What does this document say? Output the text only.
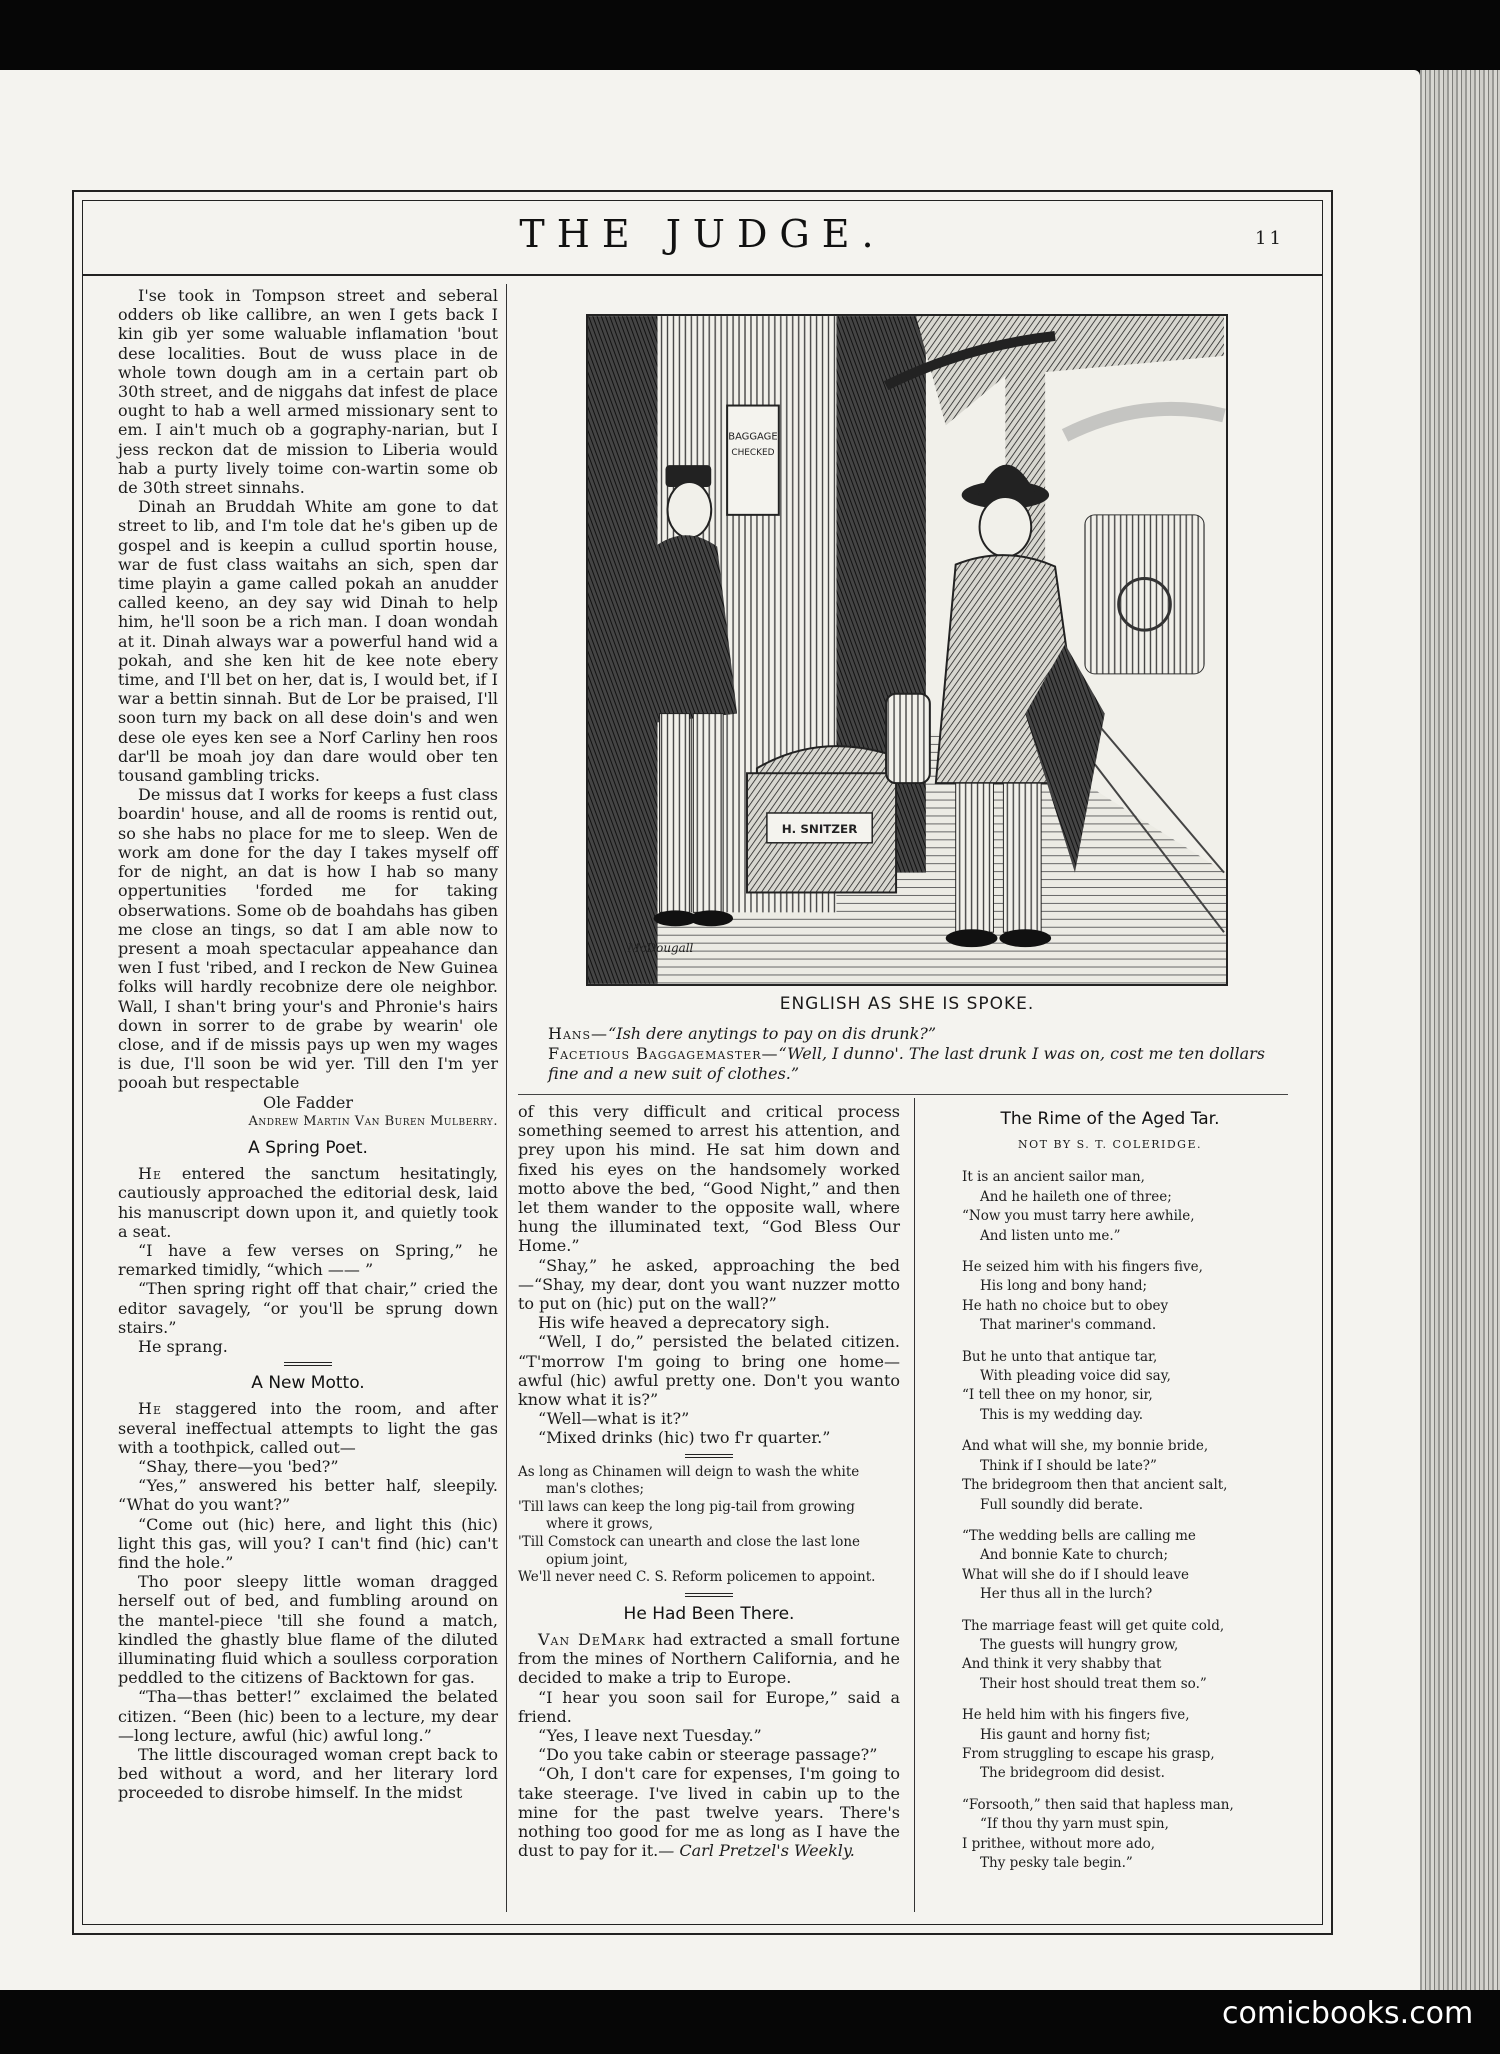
THE JUDGE.	11

I'se took in Tompson street and seberal odders ob like callibre, an wen I gets back I kin gib yer some waluable inflamation 'bout dese localities. Bout de wuss place in de whole town dough am in a certain part ob 30th street, and de niggahs dat infest de place ought to hab a well armed missionary sent to em. I ain't much ob a gography-narian, but I jess reckon dat de mission to Liberia would hab a purty lively toime con-wartin some ob de 30th street sinnahs.

Dinah an Bruddah White am gone to dat street to lib, and I'm tole dat he's giben up de gospel and is keepin a cullud sportin house, war de fust class waitahs an sich, spen dar time playin a game called pokah an anudder called keeno, an dey say wid Dinah to help him, he'll soon be a rich man. I doan wondah at it. Dinah always war a powerful hand wid a pokah, and she ken hit de kee note ebery time, and I'll bet on her, dat is, I would bet, if I war a bettin sinnah. But de Lor be praised, I'll soon turn my back on all dese doin's and wen dese ole eyes ken see a Norf Carliny hen roos dar'll be moah joy dan dare would ober ten tousand gambling tricks.

De missus dat I works for keeps a fust class boardin' house, and all de rooms is rentid out, so she habs no place for me to sleep. Wen de work am done for the day I takes myself off for de night, an dat is how I hab so many oppertunities 'forded me for taking obserwations. Some ob de boahdahs has giben me close an tings, so dat I am able now to present a moah spectacular appeahance dan wen I fust 'ribed, and I reckon de New Guinea folks will hardly recobnize dere ole neighbor. Wall, I shan't bring your's and Phronie's hairs down in sorrer to de grabe by wearin' ole close, and if de missis pays up wen my wages is due, I'll soon be wid yer. Till den I'm yer pooah but respectable

Ole Fadder

Andrew Martin Van Buren Mulberry.

A Spring Poet.

He entered the sanctum hesitatingly, cautiously approached the editorial desk, laid his manuscript down upon it, and quietly took a seat.

“I have a few verses on Spring,” he remarked timidly, “which —— ”

“Then spring right off that chair,” cried the editor savagely, “or you'll be sprung down stairs.”

He sprang.

A New Motto.

He staggered into the room, and after several ineffectual attempts to light the gas with a toothpick, called out—

“Shay, there—you 'bed?”

“Yes,” answered his better half, sleepily. “What do you want?”

“Come out (hic) here, and light this (hic) light this gas, will you? I can't find (hic) can't find the hole.”

Tho poor sleepy little woman dragged herself out of bed, and fumbling around on the mantel-piece 'till she found a match, kindled the ghastly blue flame of the diluted illuminating fluid which a soulless corporation peddled to the citizens of Backtown for gas.

“Tha—thas better!” exclaimed the belated citizen. “Been (hic) been to a lecture, my dear—long lecture, awful (hic) awful long.”

The little discouraged woman crept back to bed without a word, and her literary lord proceeded to disrobe himself. In the midst

BAGGAGE
CHECKED
H. SNITZER
McDougall
ENGLISH AS SHE IS SPOKE.
Hans—“Ish dere anytings to pay on dis drunk?”
Facetious Baggagemaster—“Well, I dunno'. The last drunk I was on, cost me ten dollars fine and a new suit of clothes.”

of this very difficult and critical process something seemed to arrest his attention, and prey upon his mind. He sat him down and fixed his eyes on the handsomely worked motto above the bed, “Good Night,” and then let them wander to the opposite wall, where hung the illuminated text, “God Bless Our Home.”

“Shay,” he asked, approaching the bed—“Shay, my dear, dont you want nuzzer motto to put on (hic) put on the wall?”

His wife heaved a deprecatory sigh.

“Well, I do,” persisted the belated citizen. “T'morrow I'm going to bring one home—awful (hic) awful pretty one. Don't you wanto know what it is?”

“Well—what is it?”

“Mixed drinks (hic) two f'r quarter.”

As long as Chinamen will deign to wash the white
man's clothes;
'Till laws can keep the long pig-tail from growing
where it grows,
'Till Comstock can unearth and close the last lone
opium joint,
We'll never need C. S. Reform policemen to appoint.
He Had Been There.

Van DeMark had extracted a small fortune from the mines of Northern California, and he decided to make a trip to Europe.

“I hear you soon sail for Europe,” said a friend.

“Yes, I leave next Tuesday.”

“Do you take cabin or steerage passage?”

“Oh, I don't care for expenses, I'm going to take steerage. I've lived in cabin up to the mine for the past twelve years. There's nothing too good for me as long as I have the dust to pay for it.— Carl Pretzel's Weekly.

The Rime of the Aged Tar.
NOT BY S. T. COLERIDGE.
It is an ancient sailor man,
And he haileth one of three;
“Now you must tarry here awhile,
And listen unto me.”
He seized him with his fingers five,
His long and bony hand;
He hath no choice but to obey
That mariner's command.
But he unto that antique tar,
With pleading voice did say,
“I tell thee on my honor, sir,
This is my wedding day.
And what will she, my bonnie bride,
Think if I should be late?”
The bridegroom then that ancient salt,
Full soundly did berate.
“The wedding bells are calling me
And bonnie Kate to church;
What will she do if I should leave
Her thus all in the lurch?
The marriage feast will get quite cold,
The guests will hungry grow,
And think it very shabby that
Their host should treat them so.”
He held him with his fingers five,
His gaunt and horny fist;
From struggling to escape his grasp,
The bridegroom did desist.
“Forsooth,” then said that hapless man,
“If thou thy yarn must spin,
I prithee, without more ado,
Thy pesky tale begin.”
comicbooks.com
